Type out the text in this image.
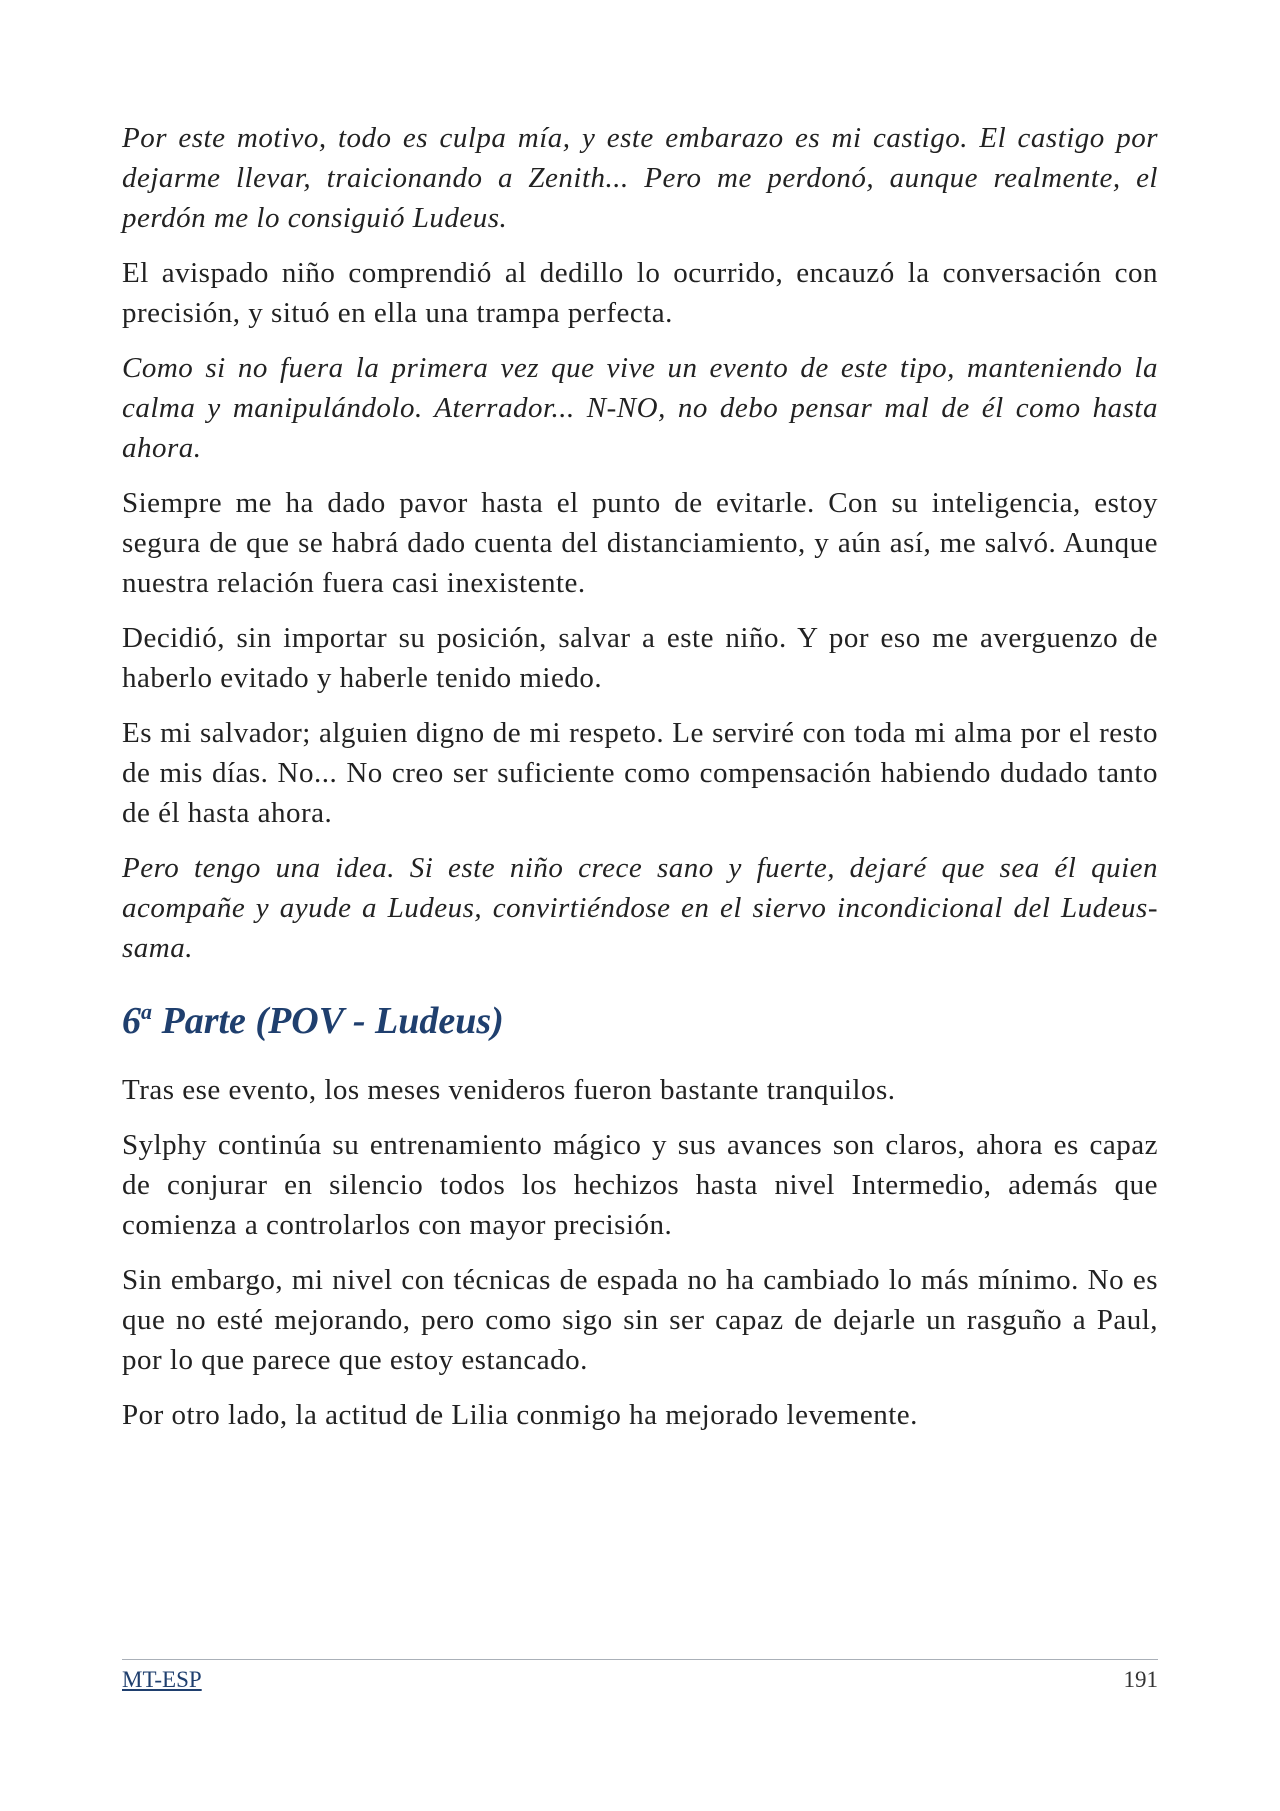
Por este motivo, todo es culpa mía, y este embarazo es mi castigo. El castigo por dejarme llevar, traicionando a Zenith... Pero me perdonó, aunque realmente, el perdón me lo consiguió Ludeus.

El avispado niño comprendió al dedillo lo ocurrido, encauzó la conversación con precisión, y situó en ella una trampa perfecta.

Como si no fuera la primera vez que vive un evento de este tipo, manteniendo la calma y manipulándolo. Aterrador... N-NO, no debo pensar mal de él como hasta ahora.

Siempre me ha dado pavor hasta el punto de evitarle. Con su inteligencia, estoy segura de que se habrá dado cuenta del distanciamiento, y aún así, me salvó. Aunque nuestra relación fuera casi inexistente.

Decidió, sin importar su posición, salvar a este niño. Y por eso me averguenzo de haberlo evitado y haberle tenido miedo.

Es mi salvador; alguien digno de mi respeto. Le serviré con toda mi alma por el resto de mis días. No... No creo ser suficiente como compensación habiendo dudado tanto de él hasta ahora.

Pero tengo una idea. Si este niño crece sano y fuerte, dejaré que sea él quien acompañe y ayude a Ludeus, convirtiéndose en el siervo incondicional del Ludeus-sama.

6$^a$ Parte (POV - Ludeus)

Tras ese evento, los meses venideros fueron bastante tranquilos.

Sylphy continúa su entrenamiento mágico y sus avances son claros, ahora es capaz de conjurar en silencio todos los hechizos hasta nivel Intermedio, además que comienza a controlarlos con mayor precisión.

Sin embargo, mi nivel con técnicas de espada no ha cambiado lo más mínimo. No es que no esté mejorando, pero como sigo sin ser capaz de dejarle un rasguño a Paul, por lo que parece que estoy estancado.

Por otro lado, la actitud de Lilia conmigo ha mejorado levemente.

MT-ESP	191
